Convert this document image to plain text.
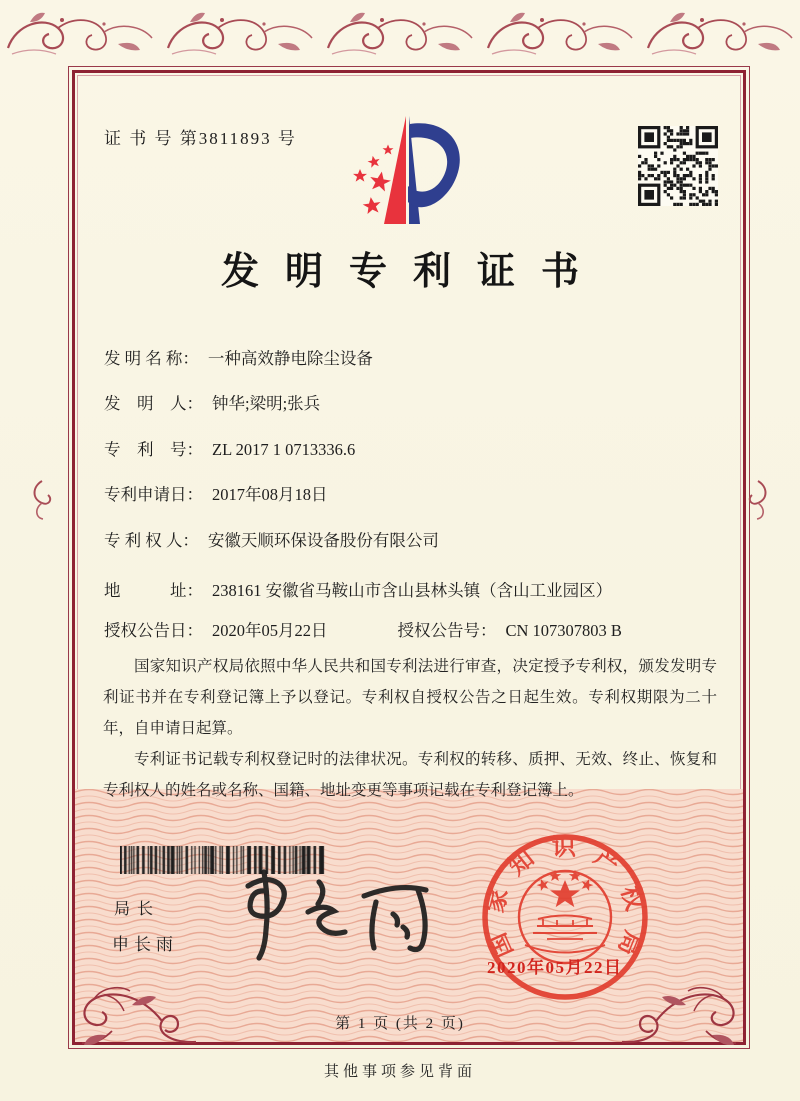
证 书 号 第3811893 号
发明专利证书
发 明 名 称： 一种高效静电除尘设备
发　明　人： 钟华;梁明;张兵
专　利　号： ZL 2017 1 0713336.6
专利申请日： 2017年08月18日
专 利 权 人： 安徽天顺环保设备股份有限公司
地　　　址： 238161 安徽省马鞍山市含山县林头镇（含山工业园区）
授权公告日： 2020年05月22日	授权公告号： CN 107307803 B

国家知识产权局依照中华人民共和国专利法进行审查，决定授予专利权，颁发发明专利证书并在专利登记簿上予以登记。专利权自授权公告之日起生效。专利权期限为二十年，自申请日起算。

专利证书记载专利权登记时的法律状况。专利权的转移、质押、无效、终止、恢复和专利权人的姓名或名称、国籍、地址变更等事项记载在专利登记簿上。

局长
申长雨	国家知识产权局
2020年05月22日
第 1 页 (共 2 页)
其他事项参见背面
